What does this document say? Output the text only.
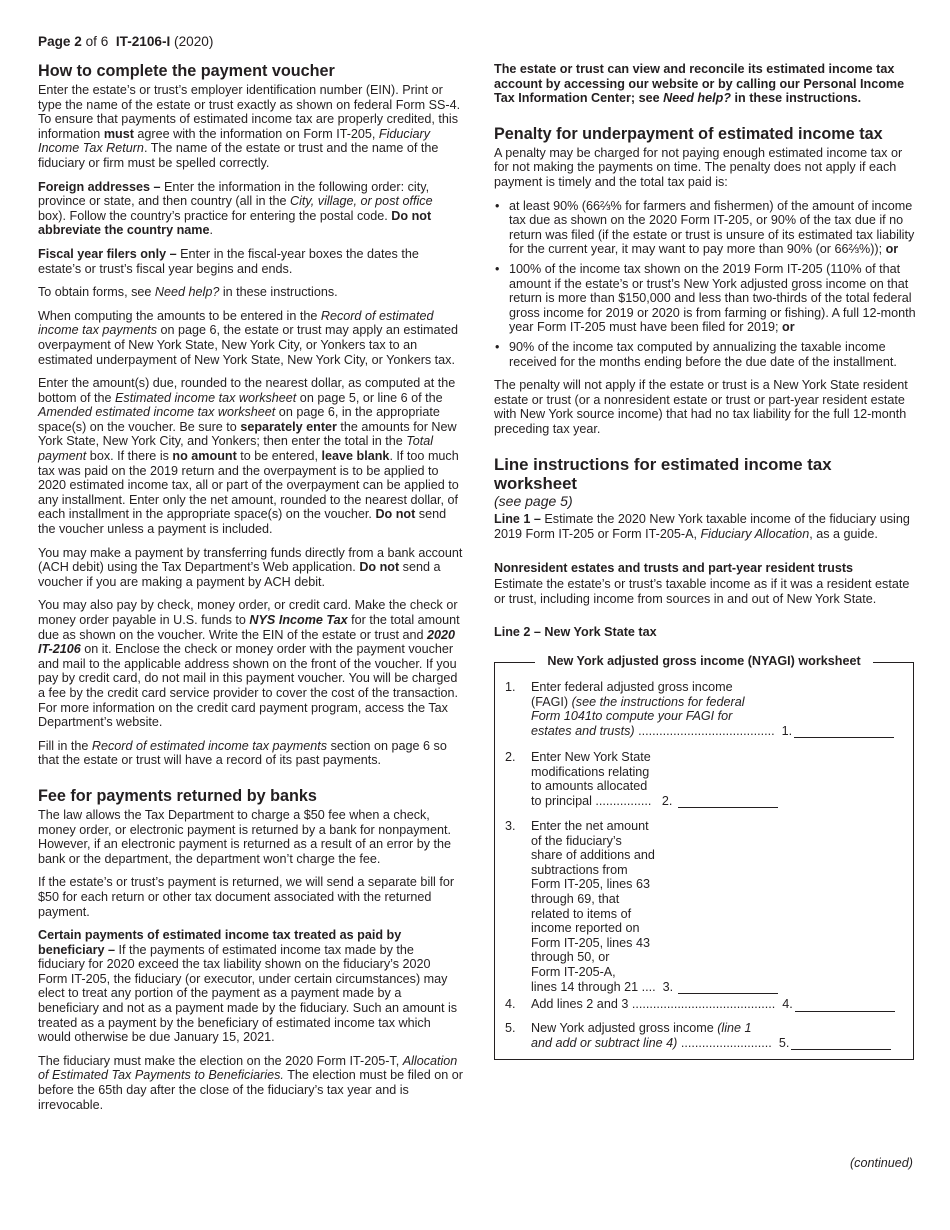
Page 2 of 6 IT-2106-I (2020)
How to complete the payment voucher

Enter the estate’s or trust’s employer identification number (EIN). Print or type the name of the estate or trust exactly as shown on federal Form SS-4. To ensure that payments of estimated income tax are properly credited, this information must agree with the information on Form IT-205, Fiduciary Income Tax Return. The name of the estate or trust and the name of the fiduciary or firm must be spelled correctly.

Foreign addresses – Enter the information in the following order: city, province or state, and then country (all in the City, village, or post office box). Follow the country’s practice for entering the postal code. Do not abbreviate the country name.

Fiscal year filers only – Enter in the fiscal-year boxes the dates the estate’s or trust’s fiscal year begins and ends.

To obtain forms, see Need help? in these instructions.

When computing the amounts to be entered in the Record of estimated income tax payments on page 6, the estate or trust may apply an estimated overpayment of New York State, New York City, or Yonkers tax to an estimated underpayment of New York State, New York City, or Yonkers tax.

Enter the amount(s) due, rounded to the nearest dollar, as computed at the bottom of the Estimated income tax worksheet on page 5, or line 6 of the Amended estimated income tax worksheet on page 6, in the appropriate space(s) on the voucher. Be sure to separately enter the amounts for New York State, New York City, and Yonkers; then enter the total in the Total payment box. If there is no amount to be entered, leave blank. If too much tax was paid on the 2019 return and the overpayment is to be applied to 2020 estimated income tax, all or part of the overpayment can be applied to any installment. Enter only the net amount, rounded to the nearest dollar, of each installment in the appropriate space(s) on the voucher. Do not send the voucher unless a payment is included.

You may make a payment by transferring funds directly from a bank account (ACH debit) using the Tax Department’s Web application. Do not send a voucher if you are making a payment by ACH debit.

You may also pay by check, money order, or credit card. Make the check or money order payable in U.S. funds to NYS Income Tax for the total amount due as shown on the voucher. Write the EIN of the estate or trust and 2020 IT-2106 on it. Enclose the check or money order with the payment voucher and mail to the applicable address shown on the front of the voucher. If you pay by credit card, do not mail in this payment voucher. You will be charged a fee by the credit card service provider to cover the cost of the transaction. For more information on the credit card payment program, access the Tax Department’s website.

Fill in the Record of estimated income tax payments section on page 6 so that the estate or trust will have a record of its past payments.

Fee for payments returned by banks

The law allows the Tax Department to charge a $50 fee when a check, money order, or electronic payment is returned by a bank for nonpayment. However, if an electronic payment is returned as a result of an error by the bank or the department, the department won’t charge the fee.

If the estate’s or trust’s payment is returned, we will send a separate bill for $50 for each return or other tax document associated with the returned payment.

Certain payments of estimated income tax treated as paid by beneficiary – If the payments of estimated income tax made by the fiduciary for 2020 exceed the tax liability shown on the fiduciary’s 2020 Form IT-205, the fiduciary (or executor, under certain circumstances) may elect to treat any portion of the payment as a payment made by a beneficiary and not as a payment made by the fiduciary. Such an amount is treated as a payment by the beneficiary of estimated income tax which would otherwise be due January 15, 2021.

The fiduciary must make the election on the 2020 Form IT-205-T, Allocation of Estimated Tax Payments to Beneficiaries. The election must be filed on or before the 65th day after the close of the fiduciary’s tax year and is irrevocable.

The estate or trust can view and reconcile its estimated income tax account by accessing our website or by calling our Personal Income Tax Information Center; see Need help? in these instructions.

Penalty for underpayment of estimated income tax

A penalty may be charged for not paying enough estimated income tax or for not making the payments on time. The penalty does not apply if each payment is timely and the total tax paid is:

• at least 90% (66⅔% for farmers and fishermen) of the amount of income tax due as shown on the 2020 Form IT-205, or 90% of the tax due if no return was filed (if the estate or trust is unsure of its estimated tax liability for the current year, it may want to pay more than 90% (or 66⅔%)); or
• 100% of the income tax shown on the 2019 Form IT-205 (110% of that amount if the estate’s or trust’s New York adjusted gross income on that return is more than $150,000 and less than two-thirds of the total federal gross income for 2019 or 2020 is from farming or fishing). A full 12-month year Form IT-205 must have been filed for 2019; or
• 90% of the income tax computed by annualizing the taxable income received for the months ending before the due date of the installment.

The penalty will not apply if the estate or trust is a New York State resident estate or trust (or a nonresident estate or trust or part-year resident estate with New York source income) that had no tax liability for the full 12-month preceding tax year.

Line instructions for estimated income tax worksheet
(see page 5)

Line 1 – Estimate the 2020 New York taxable income of the fiduciary using 2019 Form IT-205 or Form IT-205-A, Fiduciary Allocation, as a guide.

Nonresident estates and trusts and part-year resident trusts

Estimate the estate’s or trust’s taxable income as if it was a resident estate or trust, including income from sources in and out of New York State.

Line 2 – New York State tax

New York adjusted gross income (NYAGI) worksheet
1. Enter federal adjusted gross income
(FAGI) (see the instructions for federal
Form 1041to compute your FAGI for
estates and trusts) ....................................... 1.
2. Enter New York State
modifications relating
to amounts allocated
to principal ................ 2.
3. Enter the net amount
of the fiduciary’s
share of additions and
subtractions from
Form IT-205, lines 63
through 69, that
related to items of
income reported on
Form IT-205, lines 43
through 50, or
Form IT-205-A,
lines 14 through 21 .... 3.
4. Add lines 2 and 3 ......................................... 4.
5. New York adjusted gross income (line 1
and add or subtract line 4) .......................... 5.
(continued)
